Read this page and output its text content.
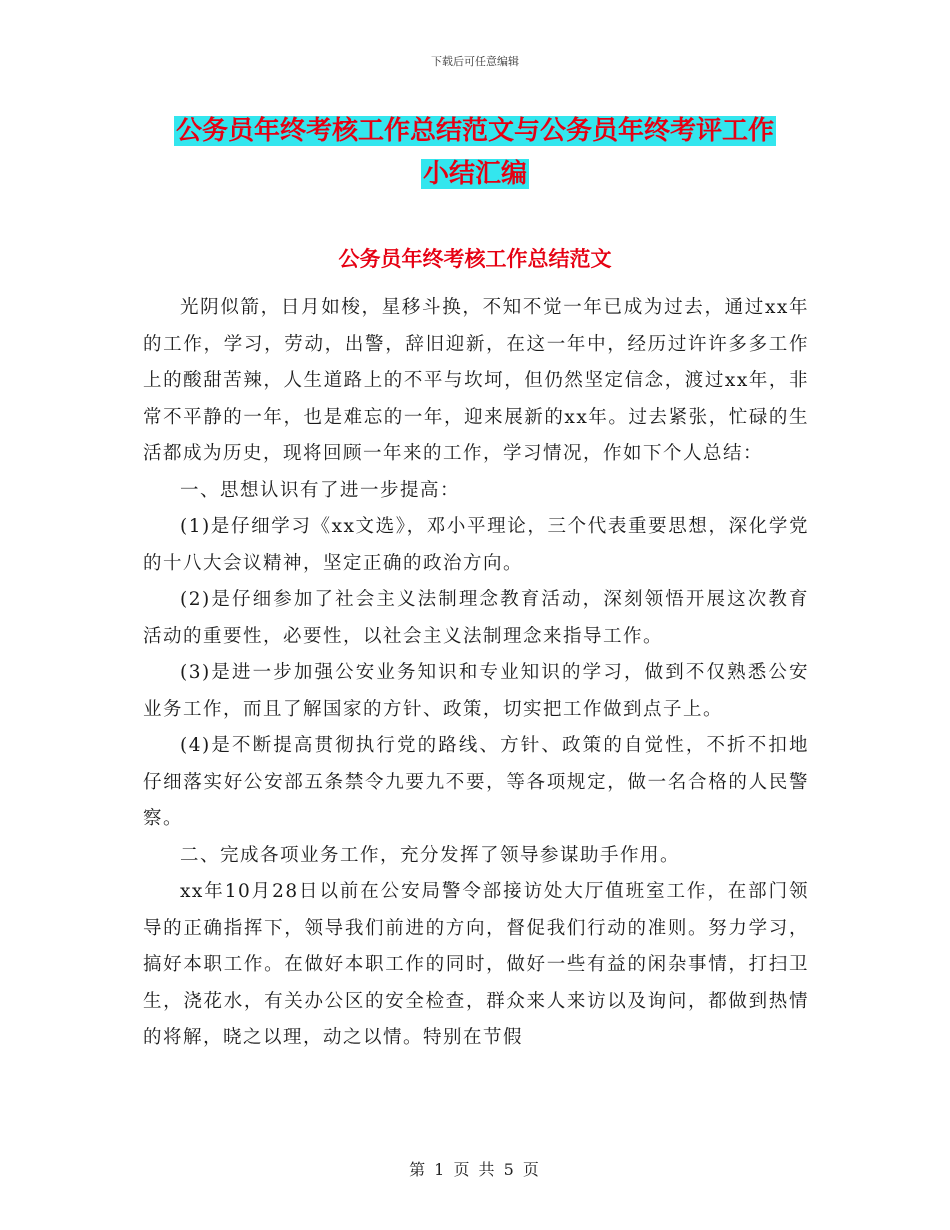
下载后可任意编辑
公务员年终考核工作总结范文与公务员年终考评工作
小结汇编
公务员年终考核工作总结范文

光阴似箭，日月如梭，星移斗换，不知不觉一年已成为过去，通过xx年的工作，学习，劳动，出警，辞旧迎新，在这一年中，经历过许许多多工作上的酸甜苦辣，人生道路上的不平与坎坷，但仍然坚定信念，渡过xx年，非常不平静的一年，也是难忘的一年，迎来展新的xx年。过去紧张，忙碌的生活都成为历史，现将回顾一年来的工作，学习情况，作如下个人总结：

一、思想认识有了进一步提高：

(1)是仔细学习《xx文选》，邓小平理论，三个代表重要思想，深化学党的十八大会议精神，坚定正确的政治方向。

(2)是仔细参加了社会主义法制理念教育活动，深刻领悟开展这次教育活动的重要性，必要性，以社会主义法制理念来指导工作。

(3)是进一步加强公安业务知识和专业知识的学习，做到不仅熟悉公安业务工作，而且了解国家的方针、政策，切实把工作做到点子上。

(4)是不断提高贯彻执行党的路线、方针、政策的自觉性，不折不扣地仔细落实好公安部五条禁令九要九不要，等各项规定，做一名合格的人民警察。

二、完成各项业务工作，充分发挥了领导参谋助手作用。

xx年10月28日以前在公安局警令部接访处大厅值班室工作，在部门领导的正确指挥下，领导我们前进的方向，督促我们行动的准则。努力学习，搞好本职工作。在做好本职工作的同时，做好一些有益的闲杂事情，打扫卫生，浇花水，有关办公区的安全检查，群众来人来访以及询问，都做到热情的将解，晓之以理，动之以情。特别在节假

第 1 页 共 5 页
